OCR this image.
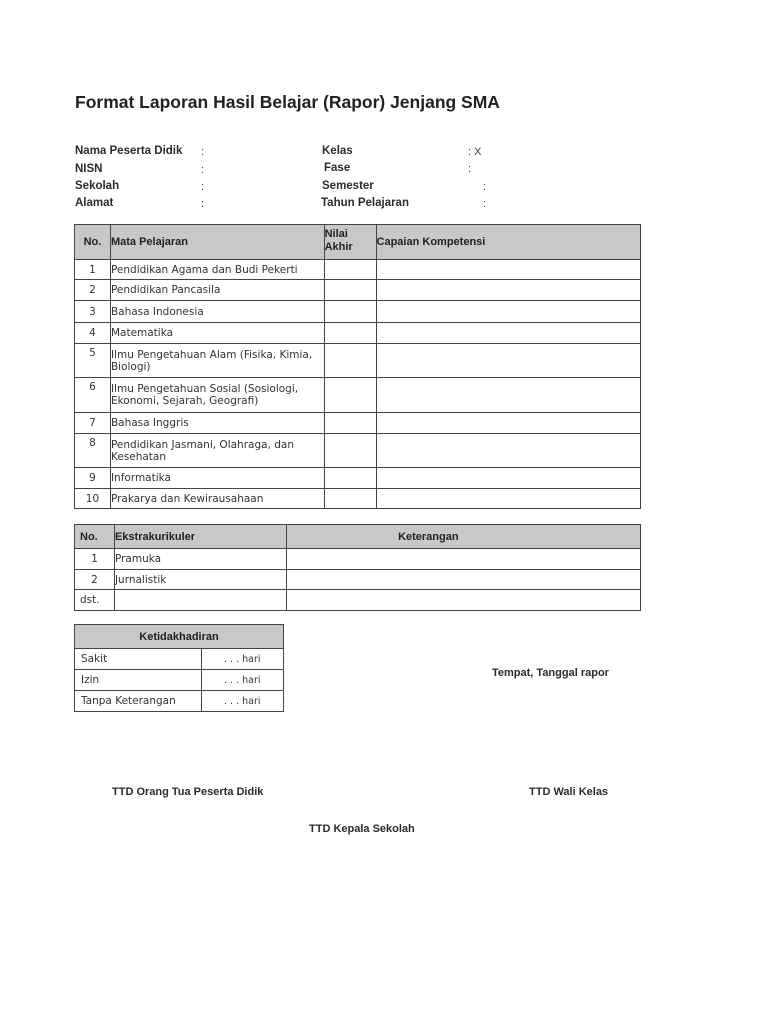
Format Laporan Hasil Belajar (Rapor) Jenjang SMA
Nama Peserta Didik :
NISN	:
Sekolah	:
Alamat	:
Kelas	: X
Fase	:
Semester	:
Tahun Pelajaran	:
No.	Mata Pelajaran	Nilai Akhir	Capaian Kompetensi
1	Pendidikan Agama dan Budi Pekerti		
2	Pendidikan Pancasila		
3	Bahasa Indonesia		
4	Matematika		
5	Ilmu Pengetahuan Alam (Fisika, Kimia, Biologi)		
6	Ilmu Pengetahuan Sosial (Sosiologi, Ekonomi, Sejarah, Geografi)		
7	Bahasa Inggris		
8	Pendidikan Jasmani, Olahraga, dan Kesehatan		
9	Informatika		
10	Prakarya dan Kewirausahaan		
No.	Ekstrakurikuler	Keterangan
1	Pramuka	
2	Jurnalistik	
dst.		
Ketidakhadiran	
Sakit	. . . hari
Izin	. . . hari
Tanpa Keterangan	. . . hari
Tempat, Tanggal rapor
TTD Orang Tua Peserta Didik	TTD Wali Kelas
TTD Kepala Sekolah
